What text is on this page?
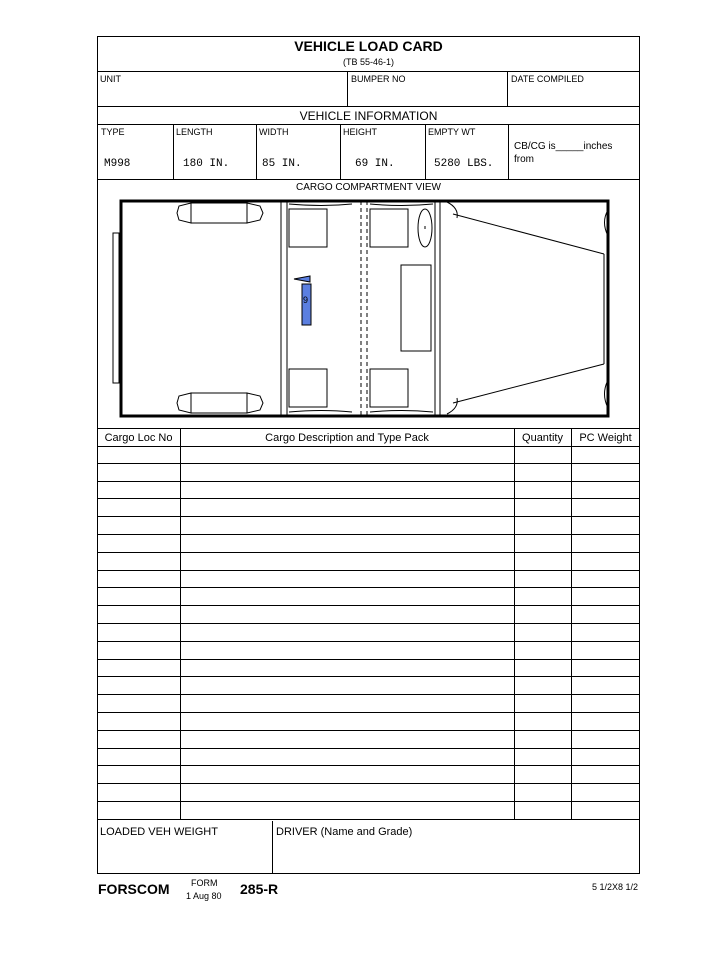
VEHICLE LOAD CARD
(TB 55-46-1)
UNIT	BUMPER NO	DATE COMPILED
VEHICLE INFORMATION
TYPE	LENGTH	WIDTH	HEIGHT	EMPTY WT
M998	180 IN.	85 IN.	69 IN.	5280 LBS.
CB/CG is_____inches
from
CARGO COMPARTMENT VIEW
9
Cargo Loc No	Cargo Description and Type Pack	Quantity	PC Weight
LOADED VEH WEIGHT	DRIVER (Name and Grade)
FORSCOM FORM
1 Aug 80 285-R	5 1/2X8 1/2
